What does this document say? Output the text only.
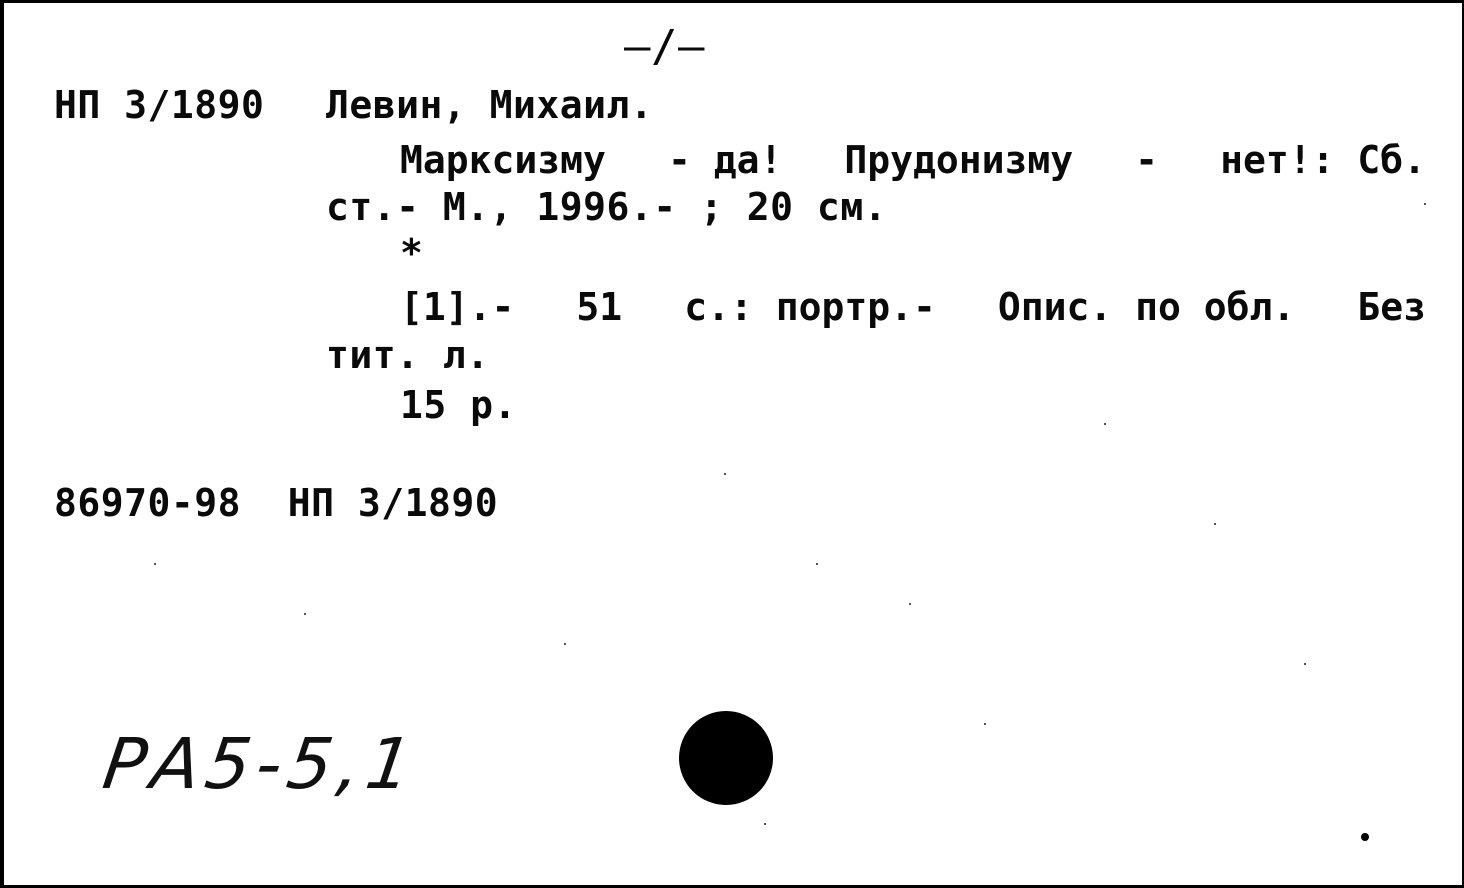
—/—
НП 3/1890 Левин, Михаил.
Марксизму - да! Прудонизму - нет!: Сб.
ст.- М., 1996.- ; 20 см.
*
[1].- 51 с.: портр.- Опис. по обл. Без
тит. л.
15 р.
86970-98  НП 3/1890
РА5-5,1
